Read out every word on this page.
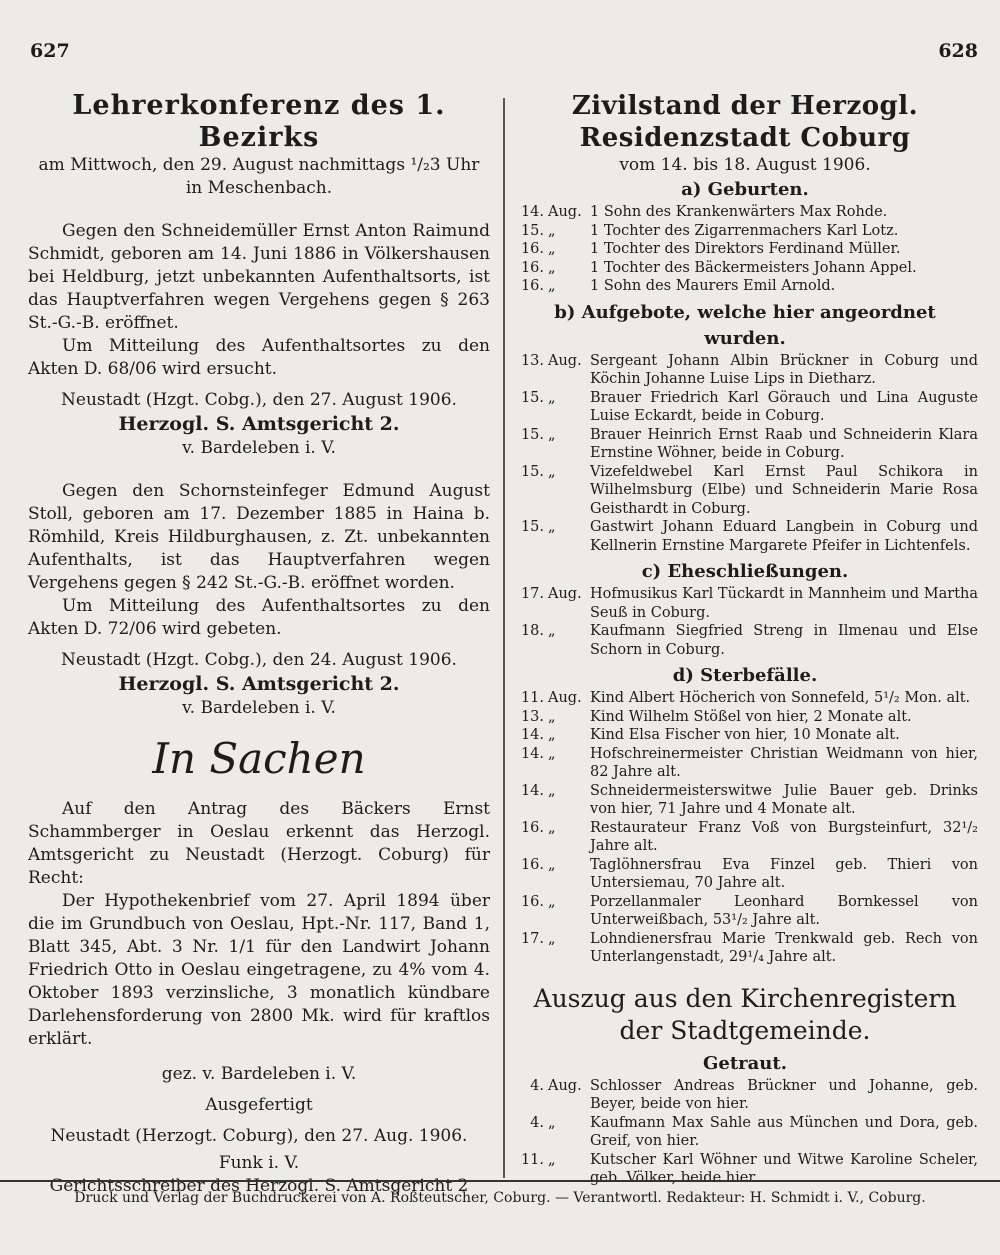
627	628

Lehrerkonferenz des 1. Bezirks

am Mittwoch, den 29. August nachmittags ¹/₂3 Uhr

in Meschenbach.

Gegen den Schneidemüller Ernst Anton Raimund Schmidt, geboren am 14. Juni 1886 in Völkershausen bei Heldburg, jetzt unbekannten Aufenthaltsorts, ist das Hauptverfahren wegen Vergehens gegen § 263 St.-G.-B. eröffnet.

Um Mitteilung des Aufenthaltsortes zu den Akten D. 68/06 wird ersucht.

Neustadt (Hzgt. Cobg.), den 27. August 1906.

Herzogl. S. Amtsgericht 2.

v. Bardeleben i. V.

Gegen den Schornsteinfeger Edmund August Stoll, geboren am 17. Dezember 1885 in Haina b. Römhild, Kreis Hildburghausen, z. Zt. unbekannten Aufenthalts, ist das Hauptverfahren wegen Vergehens gegen § 242 St.-G.-B. eröffnet worden.

Um Mitteilung des Aufenthaltsortes zu den Akten D. 72/06 wird gebeten.

Neustadt (Hzgt. Cobg.), den 24. August 1906.

Herzogl. S. Amtsgericht 2.

v. Bardeleben i. V.

In Sachen

Auf den Antrag des Bäckers Ernst Schammberger in Oeslau erkennt das Herzogl. Amtsgericht zu Neustadt (Herzogt. Coburg) für Recht:

Der Hypothekenbrief vom 27. April 1894 über die im Grundbuch von Oeslau, Hpt.-Nr. 117, Band 1, Blatt 345, Abt. 3 Nr. 1/1 für den Landwirt Johann Friedrich Otto in Oeslau eingetragene, zu 4% vom 4. Oktober 1893 verzinsliche, 3 monatlich kündbare Darlehensforderung von 2800 Mk. wird für kraftlos erklärt.

gez. v. Bardeleben i. V.

Ausgefertigt

Neustadt (Herzogt. Coburg), den 27. Aug. 1906.

Funk i. V.

Gerichtsschreiber des Herzogl. S. Amtsgericht 2

Zivilstand der Herzogl. Residenzstadt Coburg

vom 14. bis 18. August 1906.

a) Geburten.

14. Aug. 1 Sohn des Krankenwärters Max Rohde.
15. „	1 Tochter des Zigarrenmachers Karl Lotz.
16. „	1 Tochter des Direktors Ferdinand Müller.
16. „	1 Tochter des Bäckermeisters Johann Appel.
16. „	1 Sohn des Maurers Emil Arnold.

b) Aufgebote, welche hier angeordnet wurden.

13. Aug. Sergeant Johann Albin Brückner in Coburg und Köchin Johanne Luise Lips in Dietharz.
15. „	Brauer Friedrich Karl Görauch und Lina Auguste Luise Eckardt, beide in Coburg.
15. „	Brauer Heinrich Ernst Raab und Schneiderin Klara Ernstine Wöhner, beide in Coburg.
15. „	Vizefeldwebel Karl Ernst Paul Schikora in Wilhelmsburg (Elbe) und Schneiderin Marie Rosa Geisthardt in Coburg.
15. „	Gastwirt Johann Eduard Langbein in Coburg und Kellnerin Ernstine Margarete Pfeifer in Lichtenfels.

c) Eheschließungen.

17. Aug. Hofmusikus Karl Tückardt in Mannheim und Martha Seuß in Coburg.
18. „	Kaufmann Siegfried Streng in Ilmenau und Else Schorn in Coburg.

d) Sterbefälle.

11. Aug. Kind Albert Höcherich von Sonnefeld, 5¹/₂ Mon. alt.
13. „	Kind Wilhelm Stößel von hier, 2 Monate alt.
14. „	Kind Elsa Fischer von hier, 10 Monate alt.
14. „	Hofschreinermeister Christian Weidmann von hier, 82 Jahre alt.
14. „	Schneidermeisterswitwe Julie Bauer geb. Drinks von hier, 71 Jahre und 4 Monate alt.
16. „	Restaurateur Franz Voß von Burgsteinfurt, 32¹/₂ Jahre alt.
16. „	Taglöhnersfrau Eva Finzel geb. Thieri von Untersiemau, 70 Jahre alt.
16. „	Porzellanmaler Leonhard Bornkessel von Unterweißbach, 53¹/₂ Jahre alt.
17. „	Lohndienersfrau Marie Trenkwald geb. Rech von Unterlangenstadt, 29¹/₄ Jahre alt.

Auszug aus den Kirchenregistern

der Stadtgemeinde.

Getraut.

4. Aug. Schlosser Andreas Brückner und Johanne, geb. Beyer, beide von hier.
4. „	Kaufmann Max Sahle aus München und Dora, geb. Greif, von hier.
11. „	Kutscher Karl Wöhner und Witwe Karoline Scheler, geb. Völker, beide hier.
Druck und Verlag der Buchdruckerei von A. Roßteutscher, Coburg. — Verantwortl. Redakteur: H. Schmidt i. V., Coburg.
